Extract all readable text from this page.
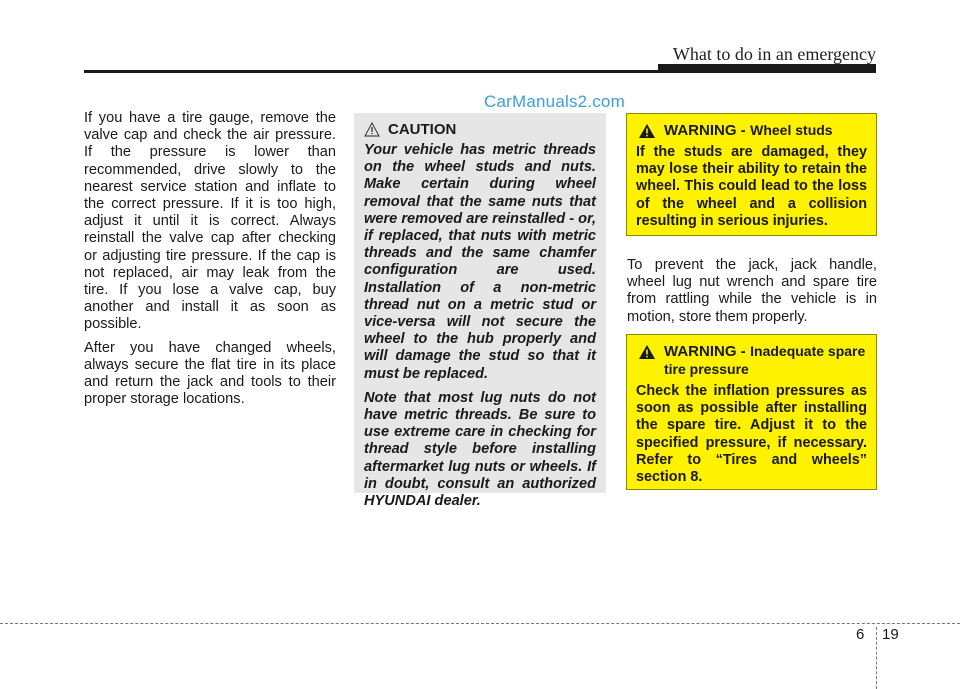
What to do in an emergency
CarManuals2.com

If you have a tire gauge, remove the valve cap and check the air pressure. If the pressure is lower than recommended, drive slowly to the nearest service station and inflate to the correct pressure. If it is too high, adjust it until it is correct. Always reinstall the valve cap after checking or adjusting tire pressure. If the cap is not replaced, air may leak from the tire. If you lose a valve cap, buy another and install it as soon as possible.

After you have changed wheels, always secure the flat tire in its place and return the jack and tools to their proper storage locations.

CAUTION

Your vehicle has metric threads on the wheel studs and nuts. Make certain during wheel removal that the same nuts that were removed are reinstalled - or, if replaced, that nuts with metric threads and the same chamfer configuration are used. Installation of a non-metric thread nut on a metric stud or vice-versa will not secure the wheel to the hub properly and will damage the stud so that it must be replaced.

Note that most lug nuts do not have metric threads. Be sure to use extreme care in checking for thread style before installing aftermarket lug nuts or wheels. If in doubt, consult an authorized HYUNDAI dealer.

WARNING - Wheel studs

If the studs are damaged, they may lose their ability to retain the wheel. This could lead to the loss of the wheel and a collision resulting in serious injuries.

To prevent the jack, jack handle, wheel lug nut wrench and spare tire from rattling while the vehicle is in motion, store them properly.

WARNING - Inadequate spare tire pressure

Check the inflation pressures as soon as possible after installing the spare tire. Adjust it to the specified pressure, if necessary. Refer to “Tires and wheels” section 8.

6 19
